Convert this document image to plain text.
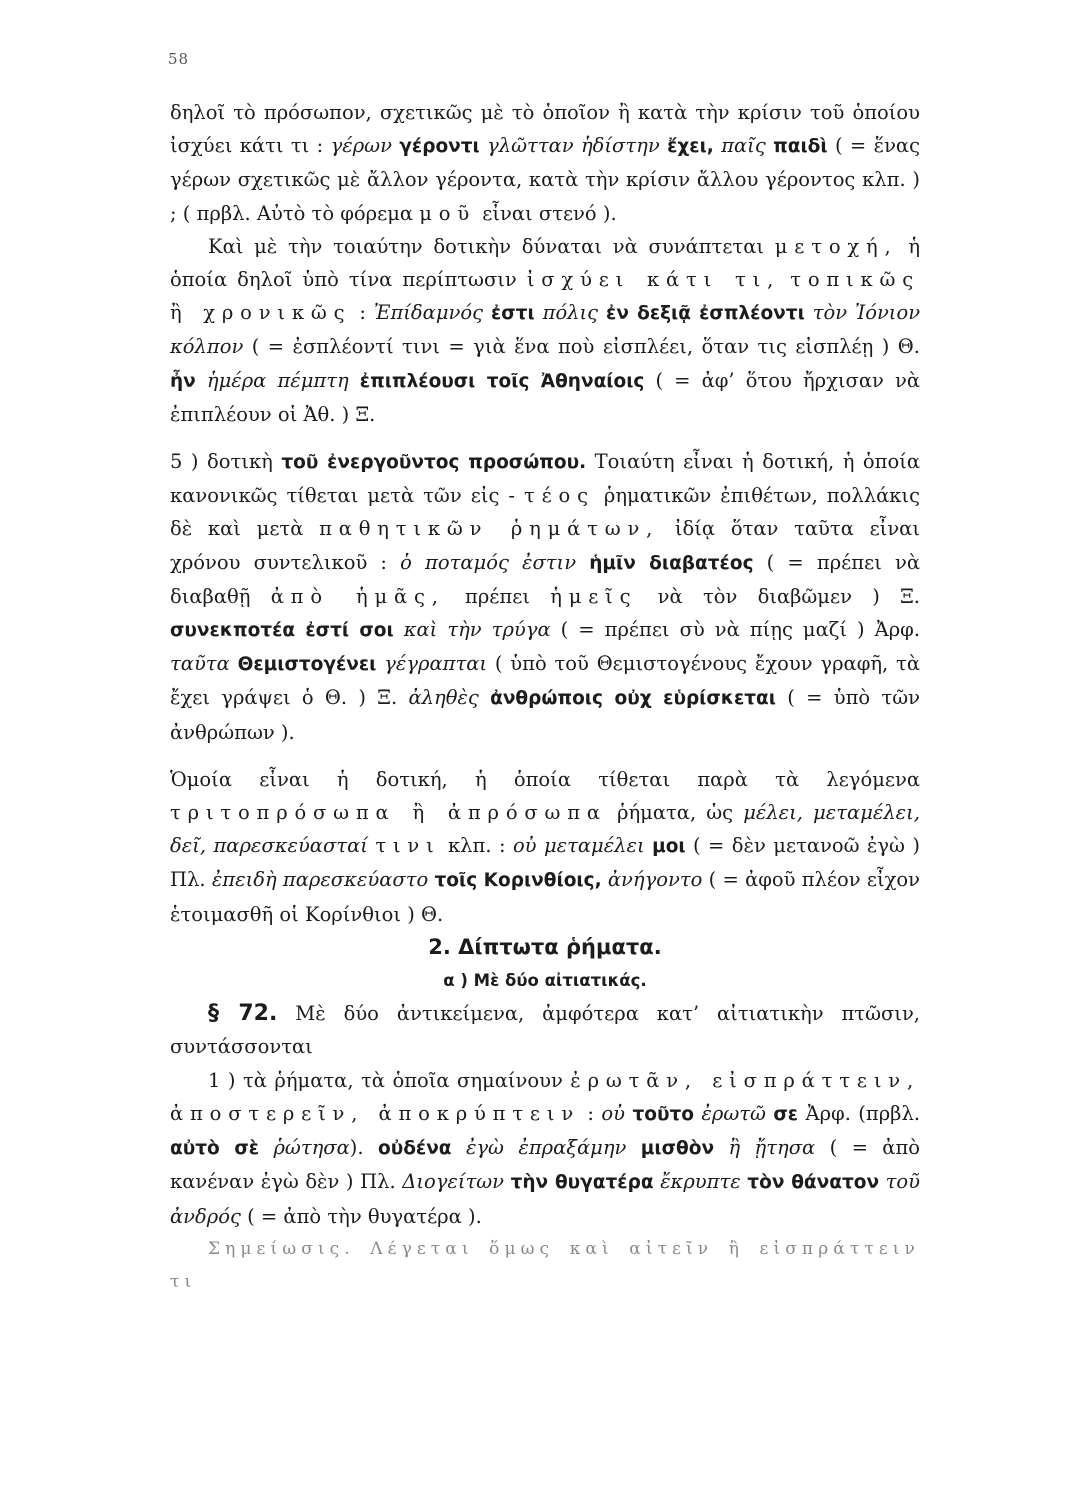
58

δηλοῖ τὸ πρόσωπον, σχετικῶς μὲ τὸ ὁποῖον ἢ κατὰ τὴν κρίσιν τοῦ ὁποίου ἰσχύει κάτι τι : γέρων γέροντι γλῶτταν ἡδίστην ἔχει, παῖς παιδὶ ( = ἕνας γέρων σχετικῶς μὲ ἄλλον γέροντα, κατὰ τὴν κρίσιν ἄλλου γέροντος κλπ. ) ; ( πρβλ. Αὐτὸ τὸ φόρεμα μοῦ εἶναι στενό ).

Καὶ μὲ τὴν τοιαύτην δοτικὴν δύναται νὰ συνάπτεται μετοχή, ἡ ὁποία δηλοῖ ὑπὸ τίνα περίπτωσιν ἰσχύει κάτι τι, τοπικῶς ἢ χρονικῶς : Ἐπίδαμνός ἐστι πόλις ἐν δεξιᾷ ἐσπλέοντι τὸν Ἰόνιον κόλπον ( = ἐσπλέοντί τινι = γιὰ ἕνα ποὺ εἰσπλέει, ὅταν τις εἰσπλέῃ ) Θ. ἦν ἡμέρα πέμπτη ἐπιπλέουσι τοῖς Ἀθηναίοις ( = ἀφ’ ὅτου ἤρχισαν νὰ ἐπιπλέουν οἱ Ἀθ. ) Ξ.

5 ) δοτικὴ τοῦ ἐνεργοῦντος προσώπου. Τοιαύτη εἶναι ἡ δοτική, ἡ ὁποία κανονικῶς τίθεται μετὰ τῶν εἰς - τέος ῥηματικῶν ἐπιθέτων, πολλάκις δὲ καὶ μετὰ παθητικῶν ῥημάτων, ἰδίᾳ ὅταν ταῦτα εἶναι χρόνου συντελικοῦ : ὁ ποταμός ἐστιν ἡμῖν διαβατέος ( = πρέπει νὰ διαβαθῇ ἀπὸ ἡμᾶς, πρέπει ἡμεῖς νὰ τὸν διαβῶμεν ) Ξ. συνεκποτέα ἐστί σοι καὶ τὴν τρύγα ( = πρέπει σὺ νὰ πίῃς μαζί ) Ἀρφ. ταῦτα Θεμιστογένει γέγραπται ( ὑπὸ τοῦ Θεμιστογένους ἔχουν γραφῆ, τὰ ἔχει γράψει ὁ Θ. ) Ξ. ἀληθὲς ἀνθρώποις οὐχ εὑρίσκεται ( = ὑπὸ τῶν ἀνθρώπων ).

Ὁμοία εἶναι ἡ δοτική, ἡ ὁποία τίθεται παρὰ τὰ λεγόμενα τριτοπρόσωπα ἢ ἀπρόσωπα ῥήματα, ὡς μέλει, μεταμέλει, δεῖ, παρεσκεύασταί τινι κλπ. : οὐ μεταμέλει μοι ( = δὲν μετανοῶ ἐγὼ ) Πλ. ἐπειδὴ παρεσκεύαστο τοῖς Κορινθίοις, ἀνήγοντο ( = ἀφοῦ πλέον εἶχον ἑτοιμασθῆ οἱ Κορίνθιοι ) Θ.

2. Δίπτωτα ῥήματα.

α ) Μὲ δύο αἰτιατικάς.

§ 72. Μὲ δύο ἀντικείμενα, ἀμφότερα κατ’ αἰτιατικὴν πτῶσιν, συντάσσονται

1 ) τὰ ῥήματα, τὰ ὁποῖα σημαίνουν ἐρωτᾶν, εἰσπράττειν, ἀποστερεῖν, ἀποκρύπτειν : οὐ τοῦτο ἐρωτῶ σε Ἀρφ. (πρβλ. αὐτὸ σὲ ῥώτησα). οὐδένα ἐγὼ ἐπραξάμην μισθὸν ἢ ᾔτησα ( = ἀπὸ κανέναν ἐγὼ δὲν ) Πλ. Διογείτων τὴν θυγατέρα ἔκρυπτε τὸν θάνατον τοῦ ἀνδρός ( = ἀπὸ τὴν θυγατέρα ).

Σημείωσις. Λέγεται ὅμως καὶ αἰτεῖν ἢ εἰσπράττειν τι
